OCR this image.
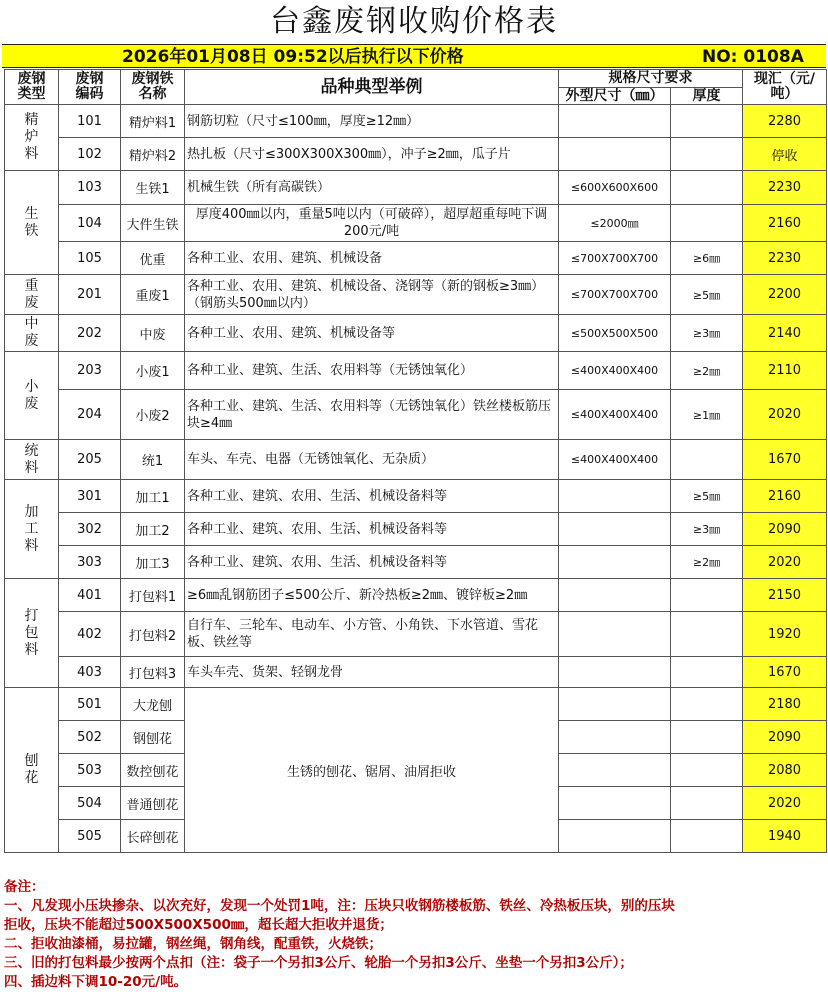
台鑫废钢收购价格表
2026年01月08日 09:52以后执行以下价格	NO: 0108A
废钢类型	废钢编码	废钢铁名称	品种典型举例	规格尺寸要求		现汇（元/吨）

				外型尺寸（㎜）	厚度	

精炉料	101	精炉料1	钢筋切粒（尺寸≤100㎜，厚度≥12㎜）			2280
	102	精炉料2	热扎板（尺寸≤300X300X300㎜），冲子≥2㎜，瓜子片			停收

生铁	103	生铁1	机械生铁（所有高碳铁）	≤600X600X600		2230
	104	大件生铁	厚度400㎜以内，重量5吨以内（可破碎），超厚超重每吨下调200元/吨	≤2000㎜		2160
	105	优重	各种工业、农用、建筑、机械设备	≤700X700X700	≥6㎜	2230

重废	201	重废1	各种工业、农用、建筑、机械设备、浇钢等（新的钢板≥3㎜）（钢筋头500㎜以内）	≤700X700X700	≥5㎜	2200

中废	202	中废	各种工业、农用、建筑、机械设备等	≤500X500X500	≥3㎜	2140

小废	203	小废1	各种工业、建筑、生活、农用料等（无锈蚀氧化）	≤400X400X400	≥2㎜	2110
	204	小废2	各种工业、建筑、生活、农用料等（无锈蚀氧化）铁丝楼板筋压块≥4㎜	≤400X400X400	≥1㎜	2020

统料	205	统1	车头、车壳、电器（无锈蚀氧化、无杂质）	≤400X400X400		1670

加工料	301	加工1	各种工业、建筑、农用、生活、机械设备料等		≥5㎜	2160
	302	加工2	各种工业、建筑、农用、生活、机械设备料等		≥3㎜	2090
	303	加工3	各种工业、建筑、农用、生活、机械设备料等		≥2㎜	2020

打包料	401	打包料1	≥6㎜乱钢筋团子≤500公斤、新冷热板≥2㎜、镀锌板≥2㎜			2150
	402	打包料2	自行车、三轮车、电动车、小方管、小角铁、下水管道、雪花板、铁丝等			1920
	403	打包料3	车头车壳、货架、轻钢龙骨			1670

刨花	501	大龙刨	生锈的刨花、锯屑、油屑拒收			2180
	502	钢刨花				2090
	503	数控刨花				2080
	504	普通刨花				2020
	505	长碎刨花				1940
备注：
一、凡发现小压块掺杂、以次充好，发现一个处罚1吨，注：压块只收钢筋楼板筋、铁丝、冷热板压块，别的压块
拒收，压块不能超过500X500X500㎜，超长超大拒收并退货；
二、拒收油漆桶，易拉罐，钢丝绳，钢角线，配重铁，火烧铁；
三、旧的打包料最少按两个点扣（注：袋子一个另扣3公斤、轮胎一个另扣3公斤、坐垫一个另扣3公斤）；
四、插边料下调10-20元/吨。
